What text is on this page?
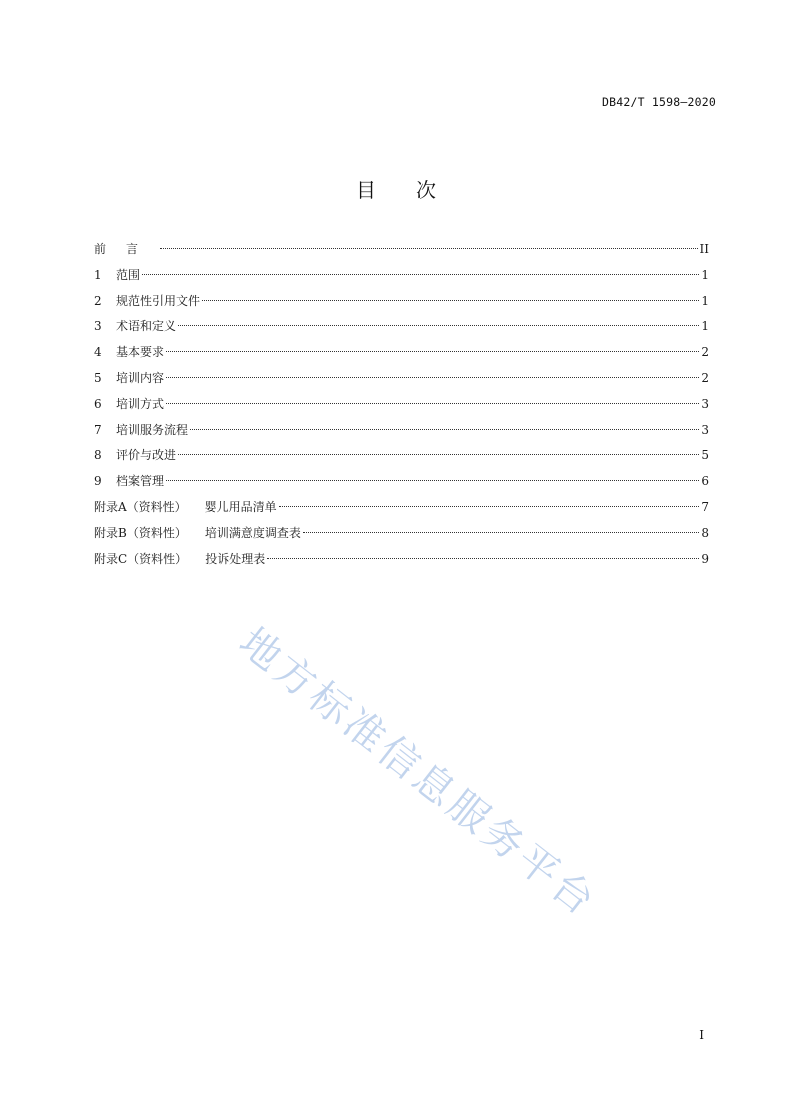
DB42/T 1598—2020
目 次
前言	II
1	范围	1
2	规范性引用文件	1
3	术语和定义	1
4	基本要求	2
5	培训内容	2
6	培训方式	3
7	培训服务流程	3
8	评价与改进	5
9	档案管理	6
附录A（资料性） 婴儿用品清单	7
附录B（资料性） 培训满意度调查表	8
附录C（资料性） 投诉处理表	9
地方标准信息服务平台
I
